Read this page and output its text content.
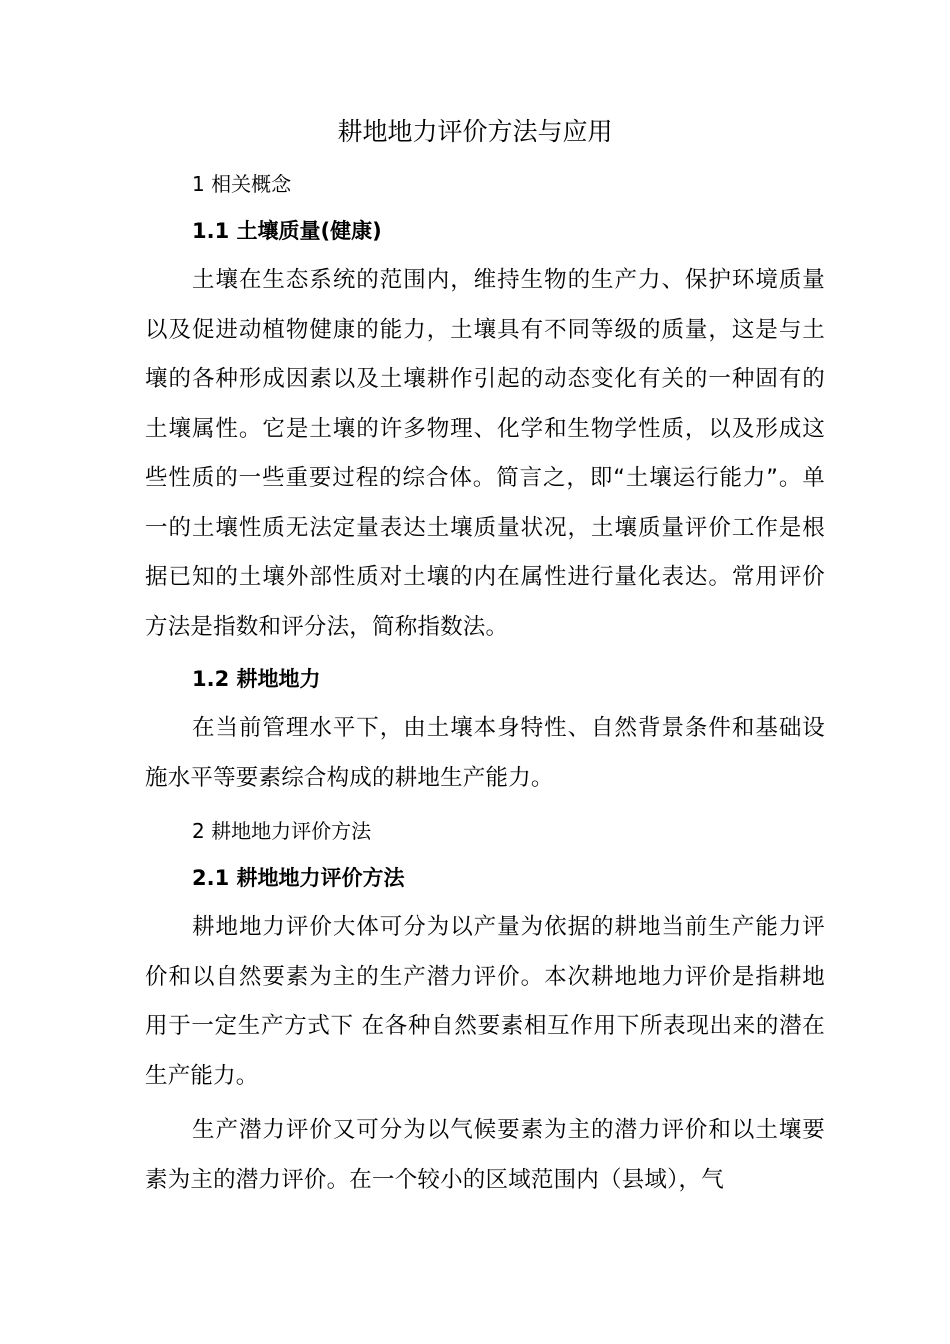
耕地地力评价方法与应用
1 相关概念
1.1 土壤质量(健康)

土壤在生态系统的范围内，维持生物的生产力、保护环境质量以及促进动植物健康的能力，土壤具有不同等级的质量，这是与土壤的各种形成因素以及土壤耕作引起的动态变化有关的一种固有的土壤属性。它是土壤的许多物理、化学和生物学性质，以及形成这些性质的一些重要过程的综合体。简言之，即“土壤运行能力”。单一的土壤性质无法定量表达土壤质量状况，土壤质量评价工作是根据已知的土壤外部性质对土壤的内在属性进行量化表达。常用评价方法是指数和评分法，简称指数法。

1.2 耕地地力

在当前管理水平下，由土壤本身特性、自然背景条件和基础设施水平等要素综合构成的耕地生产能力。

2 耕地地力评价方法
2.1 耕地地力评价方法

耕地地力评价大体可分为以产量为依据的耕地当前生产能力评价和以自然要素为主的生产潜力评价。本次耕地地力评价是指耕地用于一定生产方式下 在各种自然要素相互作用下所表现出来的潜在生产能力。

生产潜力评价又可分为以气候要素为主的潜力评价和以土壤要素为主的潜力评价。在一个较小的区域范围内（县域），气
